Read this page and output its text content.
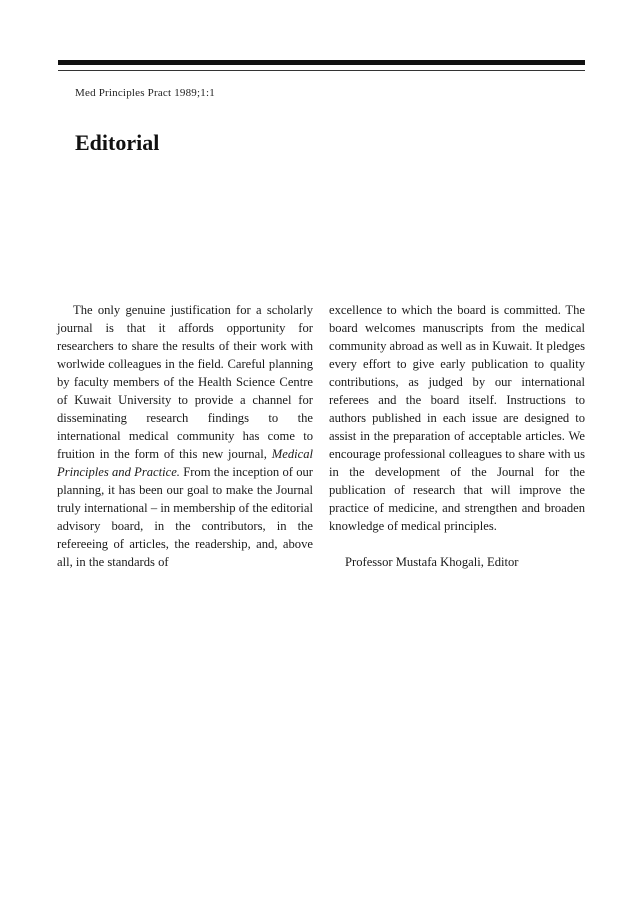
Med Principles Pract 1989;1:1
Editorial

The only genuine justification for a scholarly journal is that it affords opportunity for researchers to share the results of their work with worlwide colleagues in the field. Careful planning by faculty members of the Health Science Centre of Kuwait University to provide a channel for disseminating research findings to the international medical community has come to fruition in the form of this new journal, Medical Principles and Practice. From the inception of our planning, it has been our goal to make the Journal truly international – in membership of the editorial advisory board, in the contributors, in the refereeing of articles, the readership, and, above all, in the standards of

excellence to which the board is committed. The board welcomes manuscripts from the medical community abroad as well as in Kuwait. It pledges every effort to give early publication to quality contributions, as judged by our international referees and the board itself. Instructions to authors published in each issue are designed to assist in the preparation of acceptable articles. We encourage professional colleagues to share with us in the development of the Journal for the publication of research that will improve the practice of medicine, and strengthen and broaden knowledge of medical principles.

Professor Mustafa Khogali, Editor
